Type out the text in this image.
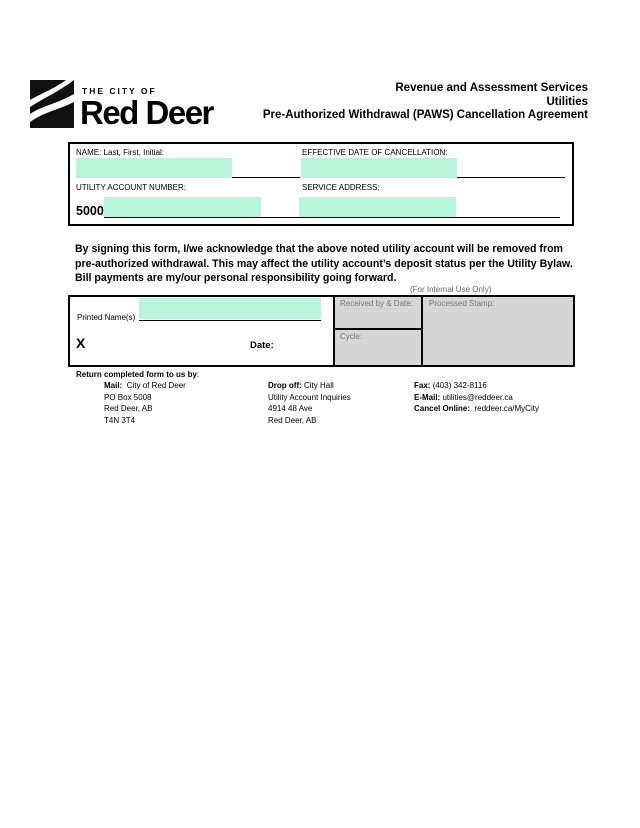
THE CITY OF
Red Deer
Revenue and Assessment Services
Utilities
Pre-Authorized Withdrawal (PAWS) Cancellation Agreement
NAME: Last, First, Initial:	EFFECTIVE DATE OF CANCELLATION:
UTILITY ACCOUNT NUMBER:
5000
SERVICE ADDRESS:
By signing this form, I/we acknowledge that the above noted utility account will be removed from pre-authorized withdrawal. This may affect the utility account’s deposit status per the Utility Bylaw. Bill payments are my/our personal responsibility going forward.
(For Internal Use Only)
Printed Name(s)
X	Date:
Received by & Date:
Cycle:
Processed Stamp:
Return completed form to us by:
Mail: City of Red Deer
PO Box 5008
Red Deer, AB
T4N 3T4
Drop off: City Hall
Utility Account Inquiries
4914 48 Ave
Red Deer, AB
Fax: (403) 342-8116
E-Mail: utilities@reddeer.ca
Cancel Online: reddeer.ca/MyCity
